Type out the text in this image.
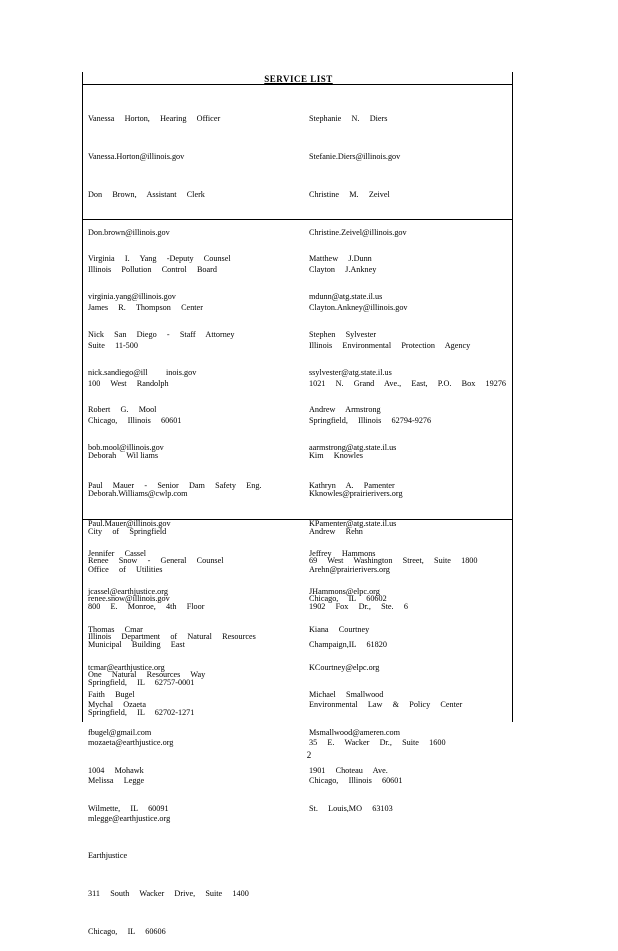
SERVICE LIST

Vanessa     Horton,     Hearing     Officer

Vanessa.Horton@illinois.gov

Don     Brown,     Assistant     Clerk

Don.brown@illinois.gov

Illinois     Pollution     Control     Board

James     R.     Thompson     Center

Suite     11-500

100     West     Randolph

Chicago,     Illinois     60601

Stephanie     N.     Diers

Stefanie.Diers@illinois.gov

Christine     M.     Zeivel

Christine.Zeivel@illinois.gov

Clayton     J.Ankney

Clayton.Ankney@illinois.gov

Illinois     Environmental     Protection     Agency

1021     N.     Grand     Ave.,     East,     P.O.     Box     19276

Springfield,     Illinois     62794-9276

Virginia     I.     Yang     -Deputy     Counsel

virginia.yang@illinois.gov

Nick     San     Diego     -     Staff     Attorney

nick.sandiego@ill         inois.gov

Robert     G.     Mool

bob.mool@illinois.gov

Paul     Mauer     -     Senior     Dam     Safety     Eng.

Paul.Mauer@illinois.gov

Renee     Snow     -     General     Counsel

renee.snow@illinois.gov

Illinois     Department     of     Natural     Resources

One     Natural     Resources     Way

Springfield,     IL     62702-1271

Matthew     J.Dunn

mdunn@atg.state.il.us

Stephen     Sylvester

ssylvester@atg.state.il.us

Andrew     Armstrong

aarmstrong@atg.state.il.us

Kathryn     A.     Pamenter

KPamenter@atg.state.il.us

69     West     Washington     Street,     Suite     1800

Chicago,     IL     60602

Deborah     Wil liams

Deborah.Williams@cwlp.com

City     of     Springfield

Office     of     Utilities

800     E.     Monroe,     4th     Floor

Municipal     Building     East

Springfield,     IL     62757-0001

Kim     Knowles

Kknowles@prairierivers.org

Andrew     Rehn

Arehn@prairierivers.org

1902     Fox     Dr.,     Ste.     6

Champaign,IL     61820

Jennifer     Cassel

jcassel@earthjustice.org

Thomas     Cmar

tcmar@earthjustice.org

Mychal     Ozaeta

mozaeta@earthjustice.org

Melissa     Legge

mlegge@earthjustice.org

Earthjustice

311     South     Wacker     Drive,     Suite     1400

Chicago,     IL     60606

Jeffrey     Hammons

JHammons@elpc.org

Kiana     Courtney

KCourtney@elpc.org

Environmental     Law     &     Policy     Center

35     E.     Wacker     Dr.,     Suite     1600

Chicago,     Illinois     60601

Faith     Bugel

fbugel@gmail.com

1004     Mohawk

Wilmette,     IL     60091

Michael     Smallwood

Msmallwood@ameren.com

1901     Choteau     Ave.

St.     Louis,MO     63103

2
